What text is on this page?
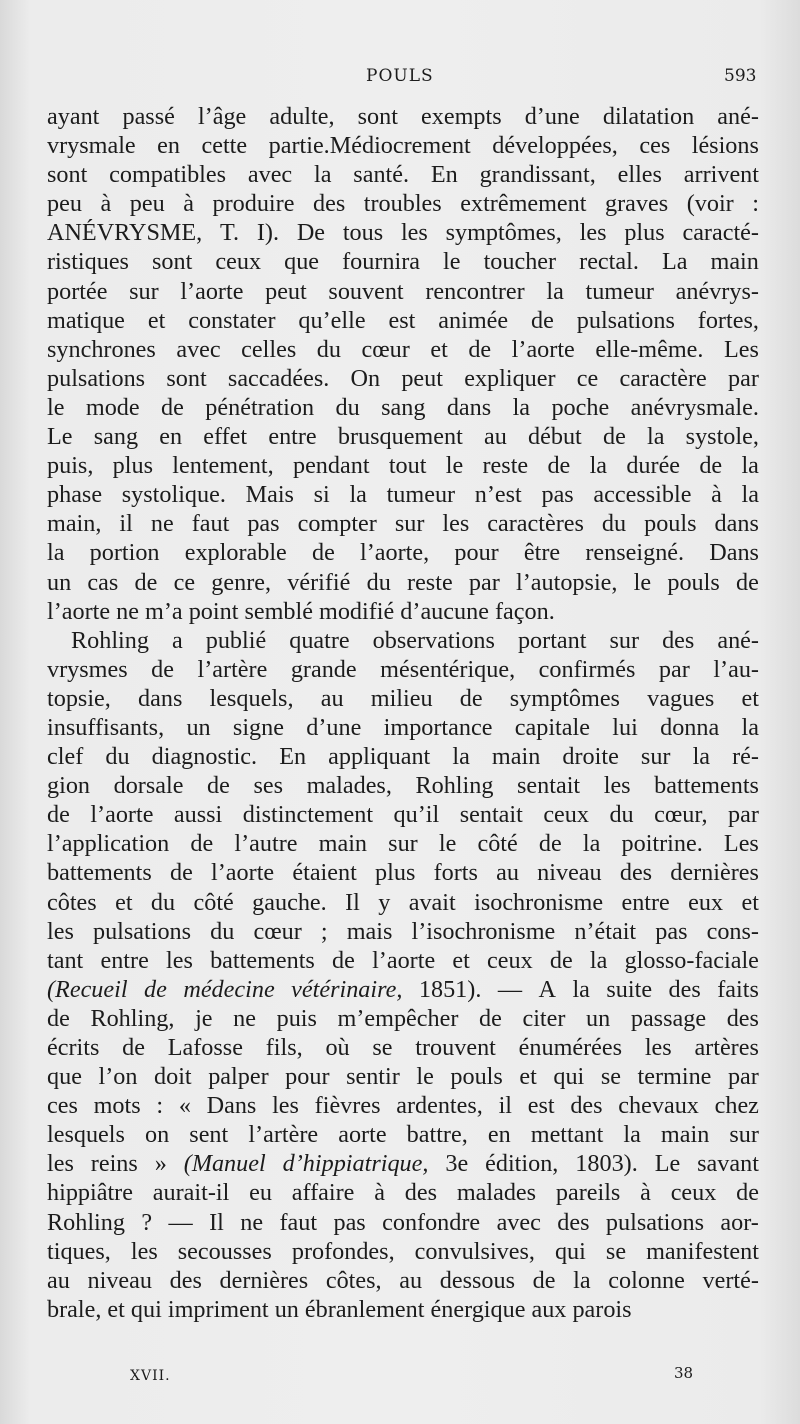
POULS	593
ayant passé l’âge adulte, sont exempts d’une dilatation ané-
vrysmale en cette partie.Médiocrement développées, ces lésions
sont compatibles avec la santé. En grandissant, elles arrivent
peu à peu à produire des troubles extrêmement graves (voir :
ANÉVRYSME, T. I). De tous les symptômes, les plus caracté-
ristiques sont ceux que fournira le toucher rectal. La main
portée sur l’aorte peut souvent rencontrer la tumeur anévrys-
matique et constater qu’elle est animée de pulsations fortes,
synchrones avec celles du cœur et de l’aorte elle-même. Les
pulsations sont saccadées. On peut expliquer ce caractère par
le mode de pénétration du sang dans la poche anévrysmale.
Le sang en effet entre brusquement au début de la systole,
puis, plus lentement, pendant tout le reste de la durée de la
phase systolique. Mais si la tumeur n’est pas accessible à la
main, il ne faut pas compter sur les caractères du pouls dans
la portion explorable de l’aorte, pour être renseigné. Dans
un cas de ce genre, vérifié du reste par l’autopsie, le pouls de
l’aorte ne m’a point semblé modifié d’aucune façon.
Rohling a publié quatre observations portant sur des ané-
vrysmes de l’artère grande mésentérique, confirmés par l’au-
topsie, dans lesquels, au milieu de symptômes vagues et
insuffisants, un signe d’une importance capitale lui donna la
clef du diagnostic. En appliquant la main droite sur la ré-
gion dorsale de ses malades, Rohling sentait les battements
de l’aorte aussi distinctement qu’il sentait ceux du cœur, par
l’application de l’autre main sur le côté de la poitrine. Les
battements de l’aorte étaient plus forts au niveau des dernières
côtes et du côté gauche. Il y avait isochronisme entre eux et
les pulsations du cœur ; mais l’isochronisme n’était pas cons-
tant entre les battements de l’aorte et ceux de la glosso-faciale
(Recueil de médecine vétérinaire, 1851). — A la suite des faits
de Rohling, je ne puis m’empêcher de citer un passage des
écrits de Lafosse fils, où se trouvent énumérées les artères
que l’on doit palper pour sentir le pouls et qui se termine par
ces mots : « Dans les fièvres ardentes, il est des chevaux chez
lesquels on sent l’artère aorte battre, en mettant la main sur
les reins » (Manuel d’hippiatrique, 3e édition, 1803). Le savant
hippiâtre aurait-il eu affaire à des malades pareils à ceux de
Rohling ? — Il ne faut pas confondre avec des pulsations aor-
tiques, les secousses profondes, convulsives, qui se manifestent
au niveau des dernières côtes, au dessous de la colonne verté-
brale, et qui impriment un ébranlement énergique aux parois
XVII.	38
